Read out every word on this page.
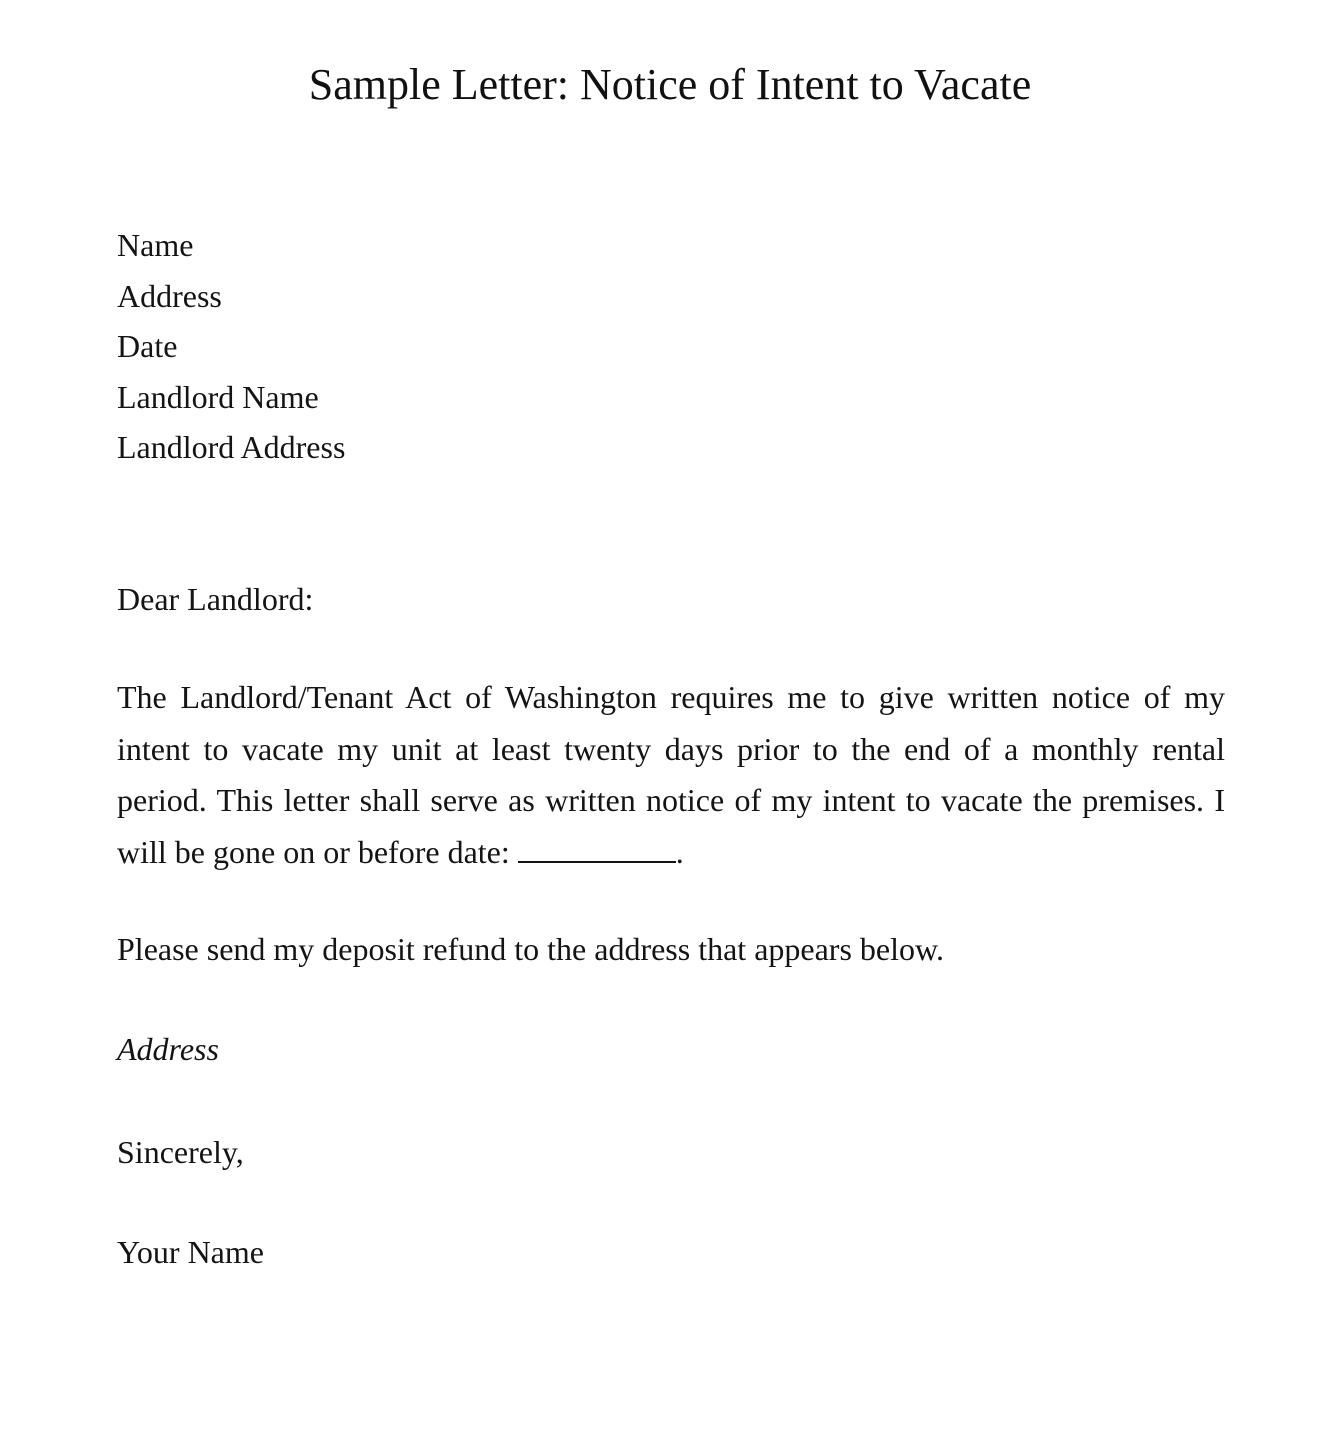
Sample Letter: Notice of Intent to Vacate
Name
Address
Date
Landlord Name
Landlord Address
Dear Landlord:
The Landlord/Tenant Act of Washington requires me to give written notice of my intent to vacate my unit at least twenty days prior to the end of a monthly rental period. This letter shall serve as written notice of my intent to vacate the premises. I will be gone on or before date:	.
Please send my deposit refund to the address that appears below.
Address
Sincerely,
Your Name
